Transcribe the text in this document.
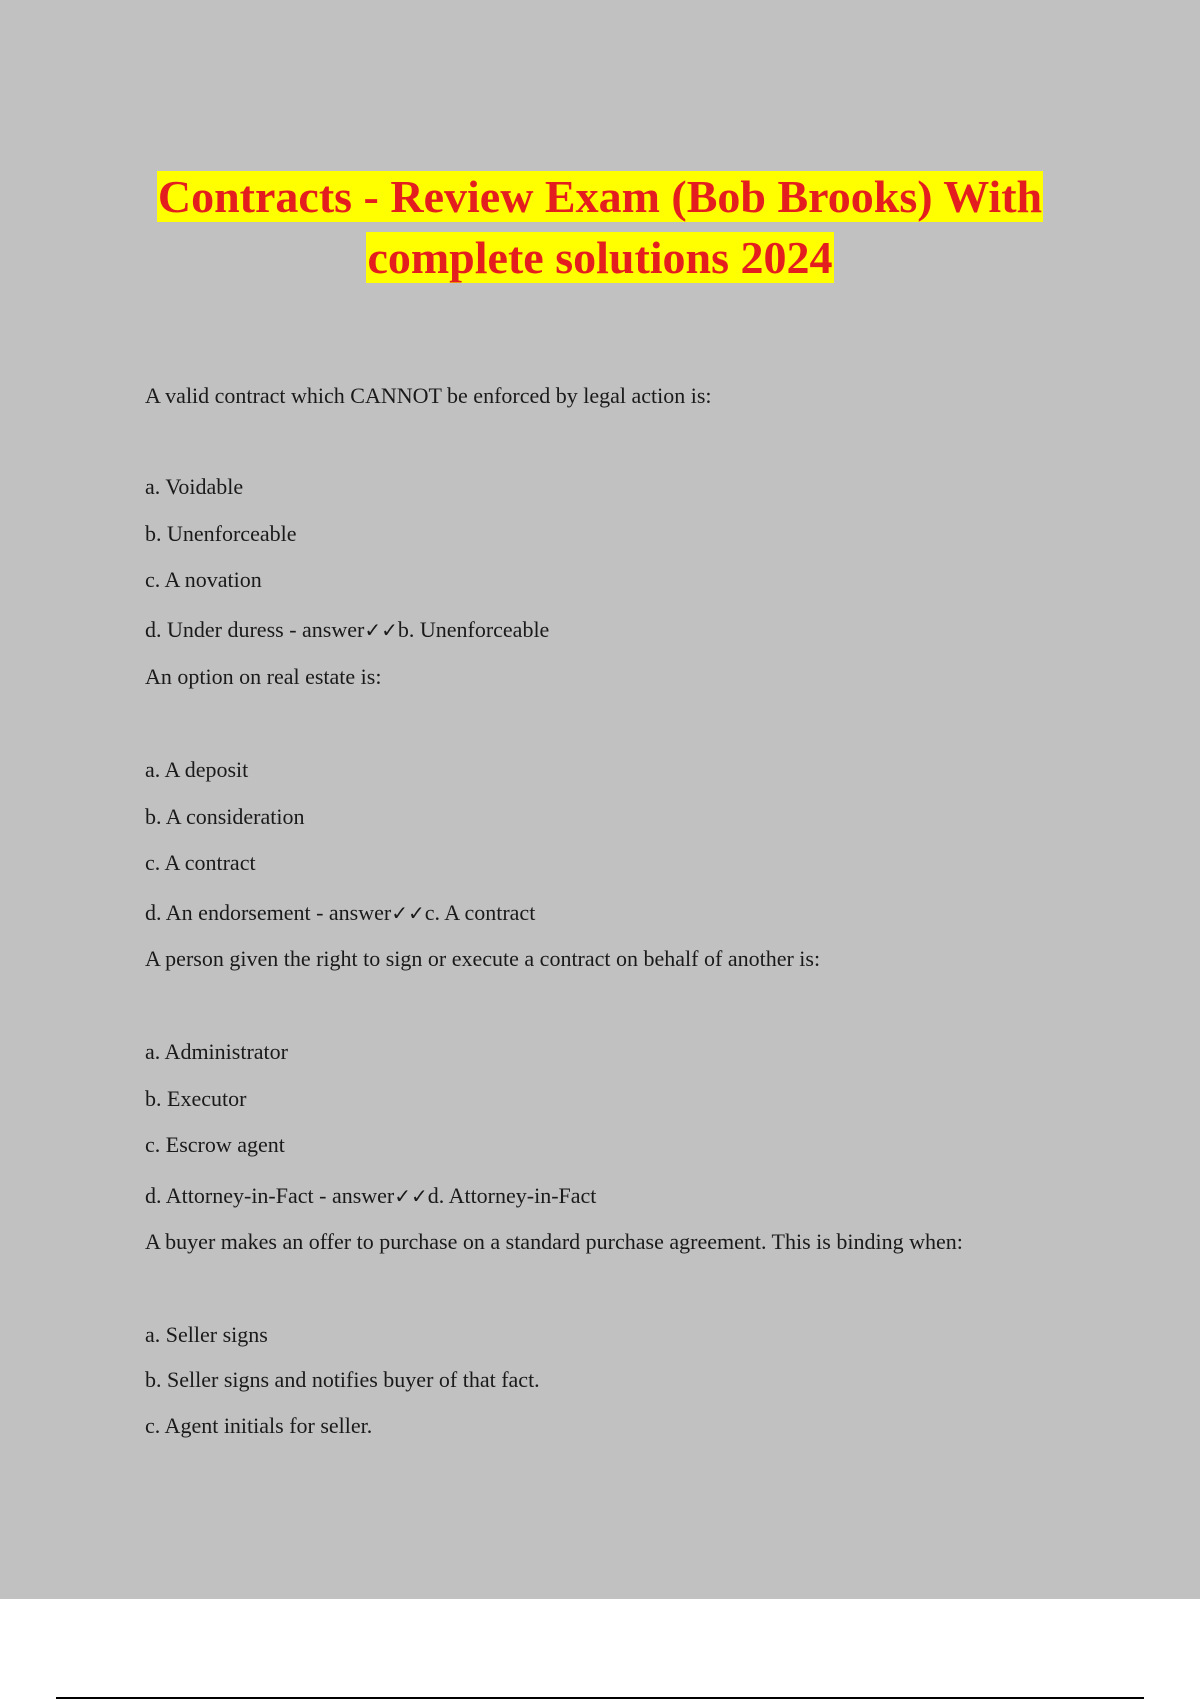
Contracts - Review Exam (Bob Brooks) With
complete solutions 2024
A valid contract which CANNOT be enforced by legal action is:
a. Voidable
b. Unenforceable
c. A novation
d. Under duress - answer✓✓b. Unenforceable
An option on real estate is:
a. A deposit
b. A consideration
c. A contract
d. An endorsement - answer✓✓c. A contract
A person given the right to sign or execute a contract on behalf of another is:
a. Administrator
b. Executor
c. Escrow agent
d. Attorney-in-Fact - answer✓✓d. Attorney-in-Fact
A buyer makes an offer to purchase on a standard purchase agreement. This is binding when:
a. Seller signs
b. Seller signs and notifies buyer of that fact.
c. Agent initials for seller.
